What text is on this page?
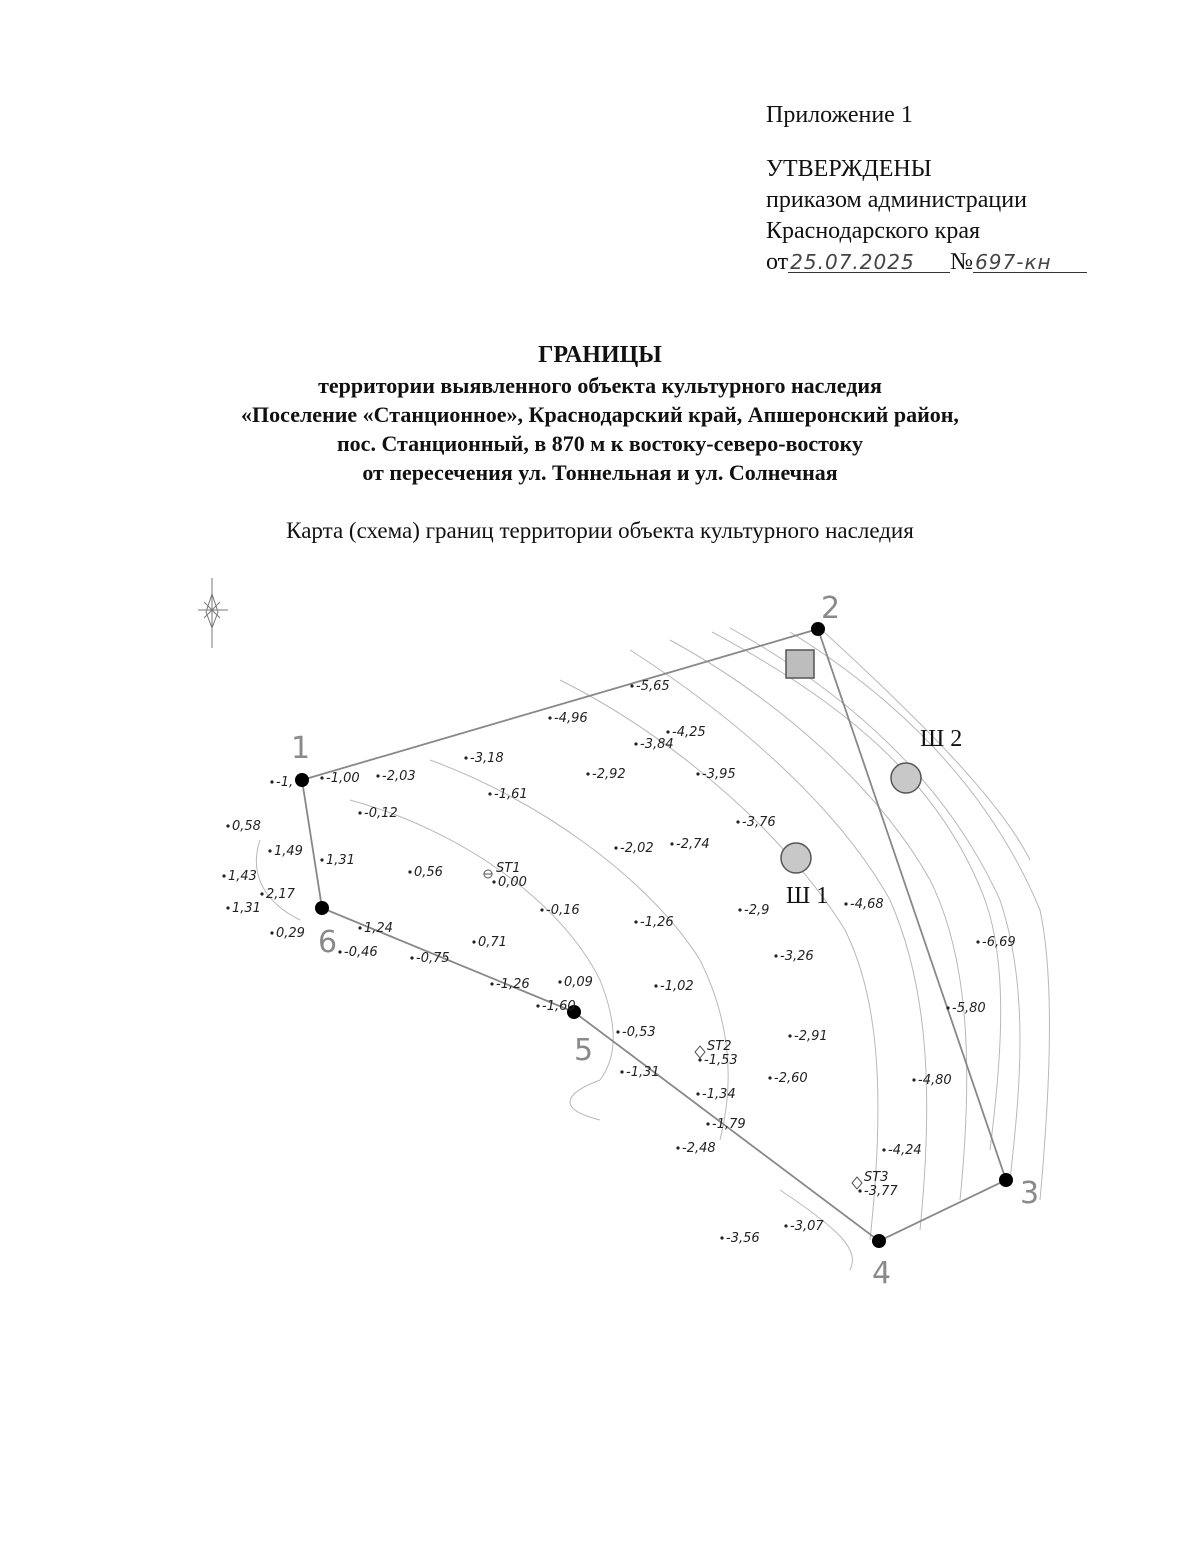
Приложение 1
УТВЕРЖДЕНЫ
приказом администрации
Краснодарского края
от 25.07.2025	№ 697-кн
ГРАНИЦЫ
территории выявленного объекта культурного наследия
«Поселение «Станционное», Краснодарский край, Апшеронский район,
пос. Станционный, в 870 м к востоку-северо-востоку
от пересечения ул. Тоннельная и ул. Солнечная
Карта (схема) границ территории объекта культурного наследия
Ш 1
Ш 2
1
2
3
4
5
6
ST1
ST2
ST3
-1,	-1,00 -2,03
-3,18
-4,96
-5,65
-4,25
-3,84
-2,92	-3,95
-1,61
-0,12
0,58
1,49
1,31
0,56
0,00
-2,02 -2,74
-3,76
1,43
2,17
1,31	-0,16
-1,26
-2,9	-4,68
0,29	1,24
-0,46	-0,75
0,71
-3,26
-6,69
-1,26	0,09	-1,02
-1,60	-5,80
-0,53	-2,91
-1,53
-1,31	-2,60	-4,80
-1,34
-1,79
-2,48	-4,24
-3,77
-3,07
-3,56
